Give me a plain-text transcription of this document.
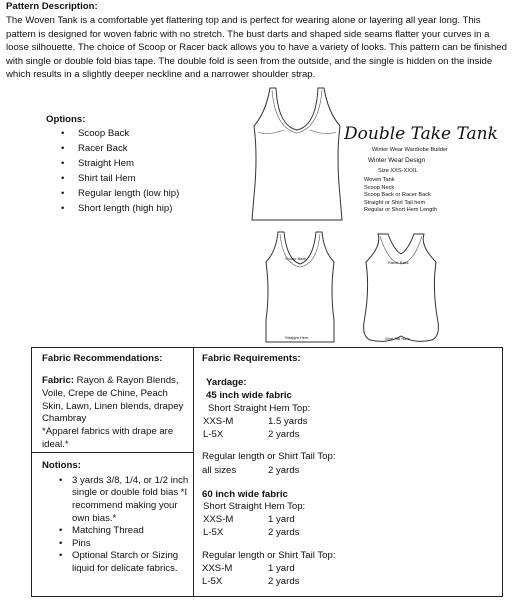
Pattern Description:
The Woven Tank is a comfortable yet flattering top and is perfect for wearing alone or layering all year long. This pattern is designed for woven fabric with no stretch. The bust darts and shaped side seams flatter your curves in a loose silhouette. The choice of Scoop or Racer back allows you to have a variety of looks. This pattern can be finished with single or double fold bias tape. The double fold is seen from the outside, and the single is hidden on the inside which results in a slightly deeper neckline and a narrower shoulder strap.
Options:
• Scoop Back
• Racer Back
• Straight Hem
• Shirt tail Hem
• Regular length (low hip)
• Short length (high hip)
Double Take Tank
Winter Wear Wardrobe Builder
Winter Wear Design
Size XXS-XXXL
Woven Tank
Scoop Neck
Scoop Back or Racer Back
Straight or Shirt Tail hem
Regular or Short Hem Length
Scoop Back
Straight Hem
Racer Back
Shirt Tail Hem
Fabric Recommendations:
Fabric: Rayon & Rayon Blends, Voile, Crepe de Chine, Peach Skin, Lawn, Linen blends, drapey Chambray
*Apparel fabrics with drape are ideal.*

Fabric Requirements:
Yardage:
45 inch wide fabric
Short Straight Hem Top:
XXS-M	1.5 yards
L-5X	2 yards
Regular length or Shirt Tail Top:
all sizes	2 yards
60 inch wide fabric
Short Straight Hem Top:
XXS-M	1 yard
L-5X	2 yards
Regular length or Shirt Tail Top:
XXS-M	1 yard
L-5X	2 yards

Notions:
• 3 yards 3/8, 1/4, or 1/2 inch single or double fold bias *I recommend making your own bias.*
• Matching Thread
• Pins
• Optional Starch or Sizing liquid for delicate fabrics.
